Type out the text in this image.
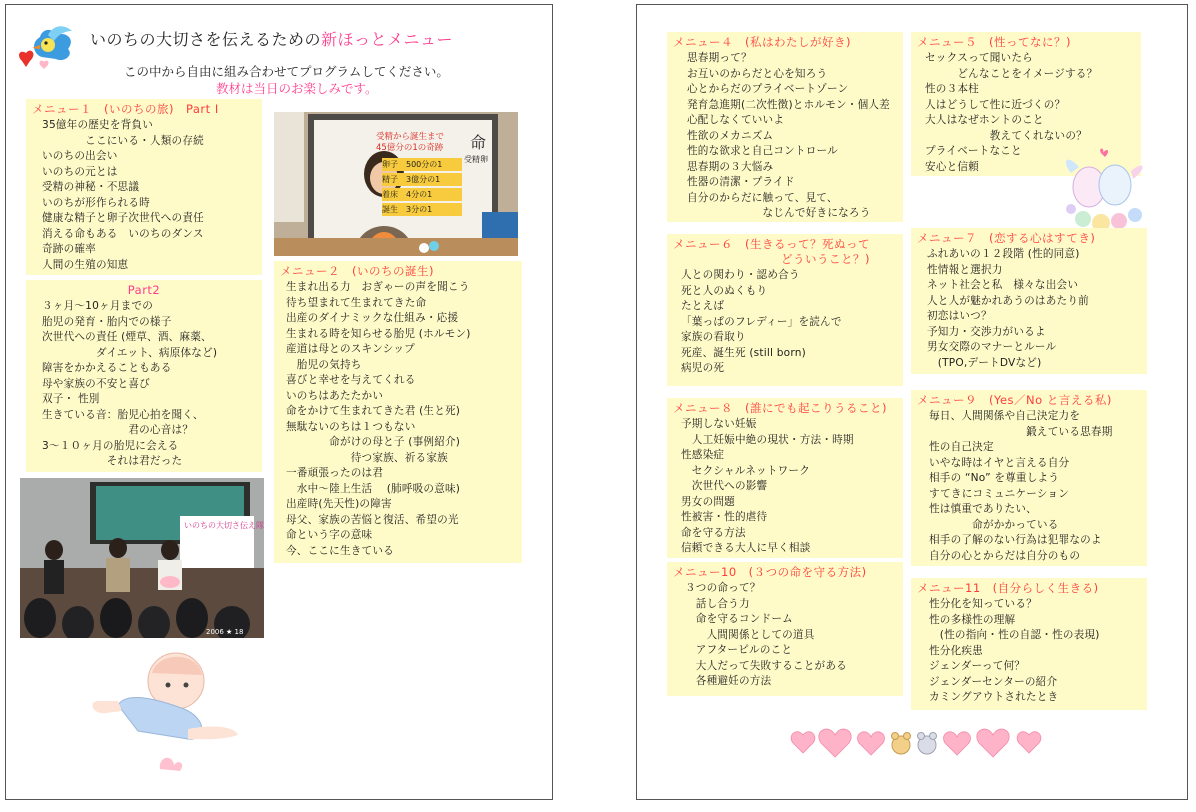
いのちの大切さを伝えるための新ほっとメニュー
この中から自由に組み合わせてプログラムしてください。
教材は当日のお楽しみです。
メニュー１　(いのちの旅)　Part Ⅰ
35億年の歴史を背負い
　　　　ここにいる・人類の存続
いのちの出会い
いのちの元とは
受精の神秘・不思議
いのちが形作られる時
健康な精子と卵子次世代への責任
消える命もある　いのちのダンス
奇跡の確率
人間の生殖の知恵
Part2
３ヶ月～10ヶ月までの
胎児の発育・胎内での様子
次世代への責任 (煙草、酒、麻薬、
　　　　　ダイエット、病原体など)
障害をかかえることもある
母や家族の不安と喜び
双子・ 性別
生きている音：胎児心拍を聞く、
　　　　　　　　君の心音は？
3～１０ヶ月の胎児に会える
　　　　　　それは君だった
受精から誕生まで
45億分の1の奇跡
卵子　500分の1
精子　3億分の1
着床　4分の1
誕生　3分の1
命
受精卵
メニュー２　(いのちの誕生)
生まれ出る力　おぎゃーの声を聞こう
待ち望まれて生まれてきた命
出産のダイナミックな仕組み・応援
生まれる時を知らせる胎児 (ホルモン)
産道は母とのスキンシップ
　胎児の気持ち
喜びと幸せを与えてくれる
いのちはあたたかい
命をかけて生まれてきた君 (生と死)
無駄ないのちは１つもない
　　　　命がけの母と子 (事例紹介)
　　　　　　待つ家族、祈る家族
一番頑張ったのは君
　水中～陸上生活　 (肺呼吸の意味)
出産時(先天性)の障害
母父、家族の苦悩と復活、希望の光
命という字の意味
今、ここに生きている
いのちの大切さ伝え隊
2006 ★ 18
メニュー４　(私はわたしが好き)
思春期って？
お互いのからだと心を知ろう
心とからだのプライベートゾーン
発育急進期(二次性徴)とホルモン・個人差
心配しなくていいよ
性欲のメカニズム
性的な欲求と自己コントロール
思春期の３大悩み
性器の清潔・プライド
自分のからだに触って、見て、
　　　　　　　なじんで好きになろう
メニュー５　(性ってなに？)
セックスって聞いたら
　　　どんなことをイメージする？
性の３本柱
人はどうして性に近づくの？
大人はなぜホントのこと
　　　　　　教えてくれないの？
プライベートなこと
安心と信頼
メニュー６　(生きるって？死ぬって
　　　　　　　　　どういうこと？)
人との関わり・認め合う
死と人のぬくもり
たとえば
「葉っぱのフレディー」を読んで
家族の看取り
死産、誕生死 (still born)
病児の死
メニュー７　(恋する心はすてき)
ふれあいの１２段階 (性的同意)
性情報と選択力
ネット社会と私　様々な出会い
人と人が魅かれあうのはあたり前
初恋はいつ？
予知力・交渉力がいるよ
男女交際のマナーとルール
　(TPO,デートDVなど)
メニュー８　(誰にでも起こりうること)
予期しない妊娠
　人工妊娠中絶の現状・方法・時期
性感染症
　セクシャルネットワーク
　次世代への影響
男女の問題
性被害・性的虐待
命を守る方法
信頼できる大人に早く相談
メニュー９　(Yes／No と言える私)
毎日、人間関係や自己決定力を
　　　　　　　　　鍛えている思春期
性の自己決定
いやな時はイヤと言える自分
相手の “No” を尊重しよう
すてきにコミュニケーション
性は慎重でありたい、
　　　　命がかかっている
相手の了解のない行為は犯罪なのよ
自分の心とからだは自分のもの
メニュー10　(３つの命を守る方法)
３つの命って？
　話し合う力
　命を守るコンドーム
　　人間関係としての道具
　アフターピルのこと
　大人だって失敗することがある
　各種避妊の方法
メニュー11　(自分らしく生きる)
性分化を知っている？
性の多様性の理解
　(性の指向・性の自認・性の表現)
性分化疾患
ジェンダーって何？
ジェンダーセンターの紹介
カミングアウトされたとき
